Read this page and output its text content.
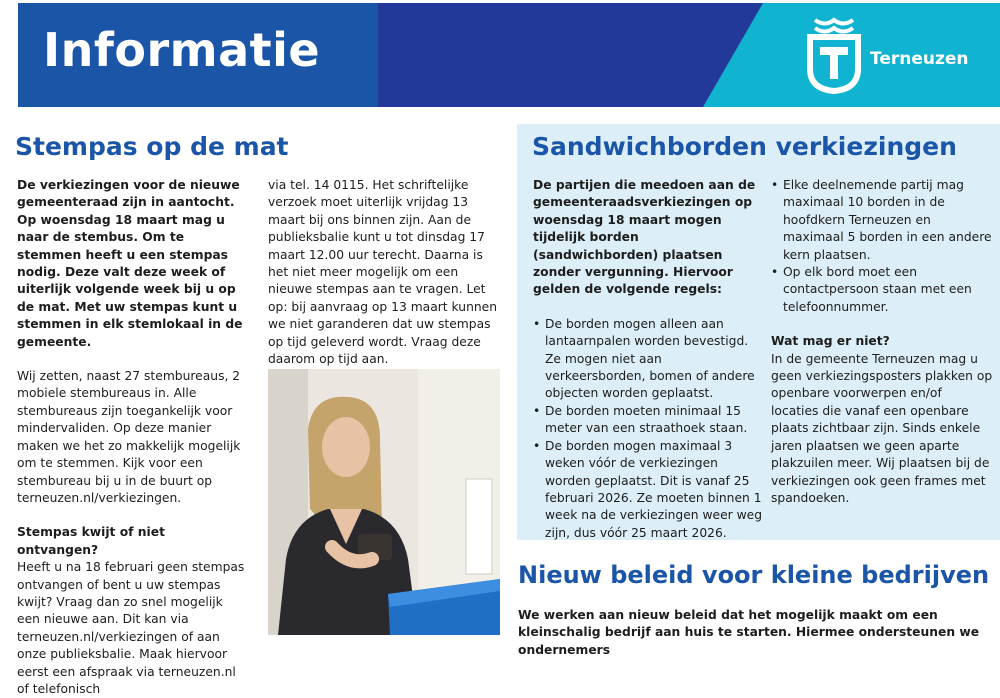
Informatie	Terneuzen
Stempas op de mat

De verkiezingen voor de nieuwe gemeenteraad zijn in aantocht. Op woensdag 18 maart mag u naar de stembus. Om te stemmen heeft u een stempas nodig. Deze valt deze week of uiterlijk volgende week bij u op de mat. Met uw stempas kunt u stemmen in elk stemlokaal in de gemeente.

Wij zetten, naast 27 stembureaus, 2 mobiele stembureaus in. Alle stembureaus zijn toegankelijk voor mindervaliden. Op deze manier maken we het zo makkelijk mogelijk om te stemmen. Kijk voor een stembureau bij u in de buurt op terneuzen.nl/verkiezingen.

Stempas kwijt of niet ontvangen?
Heeft u na 18 februari geen stempas ontvangen of bent u uw stempas kwijt? Vraag dan zo snel mogelijk een nieuwe aan. Dit kan via terneuzen.nl/verkiezingen of aan onze publieksbalie. Maak hiervoor eerst een afspraak via terneuzen.nl of telefonisch

via tel. 14 0115. Het schriftelijke verzoek moet uiterlijk vrijdag 13 maart bij ons binnen zijn. Aan de publieksbalie kunt u tot dinsdag 17 maart 12.00 uur terecht. Daarna is het niet meer mogelijk om een nieuwe stempas aan te vragen. Let op: bij aanvraag op 13 maart kunnen we niet garanderen dat uw stempas op tijd geleverd wordt. Vraag deze daarom op tijd aan.

Sandwichborden verkiezingen

De partijen die meedoen aan de gemeenteraadsverkiezingen op woensdag 18 maart mogen tijdelijk borden (sandwichborden) plaatsen zonder vergunning. Hiervoor gelden de volgende regels:

• De borden mogen alleen aan lantaarnpalen worden bevestigd. Ze mogen niet aan verkeersborden, bomen of andere objecten worden geplaatst.
• De borden moeten minimaal 15 meter van een straathoek staan.
• De borden mogen maximaal 3 weken vóór de verkiezingen worden geplaatst. Dit is vanaf 25 februari 2026. Ze moeten binnen 1 week na de verkiezingen weer weg zijn, dus vóór 25 maart 2026.
• Elke deelnemende partij mag maximaal 10 borden in de hoofdkern Terneuzen en maximaal 5 borden in een andere kern plaatsen.
• Op elk bord moet een contactpersoon staan met een telefoonnummer.
Wat mag er niet?
In de gemeente Terneuzen mag u geen verkiezingsposters plakken op openbare voorwerpen en/of locaties die vanaf een openbare plaats zichtbaar zijn. Sinds enkele jaren plaatsen we geen aparte plakzuilen meer. Wij plaatsen bij de verkiezingen ook geen frames met spandoeken.
Nieuw beleid voor kleine bedrijven
We werken aan nieuw beleid dat het mogelijk maakt om een kleinschalig bedrijf aan huis te starten. Hiermee ondersteunen we ondernemers
